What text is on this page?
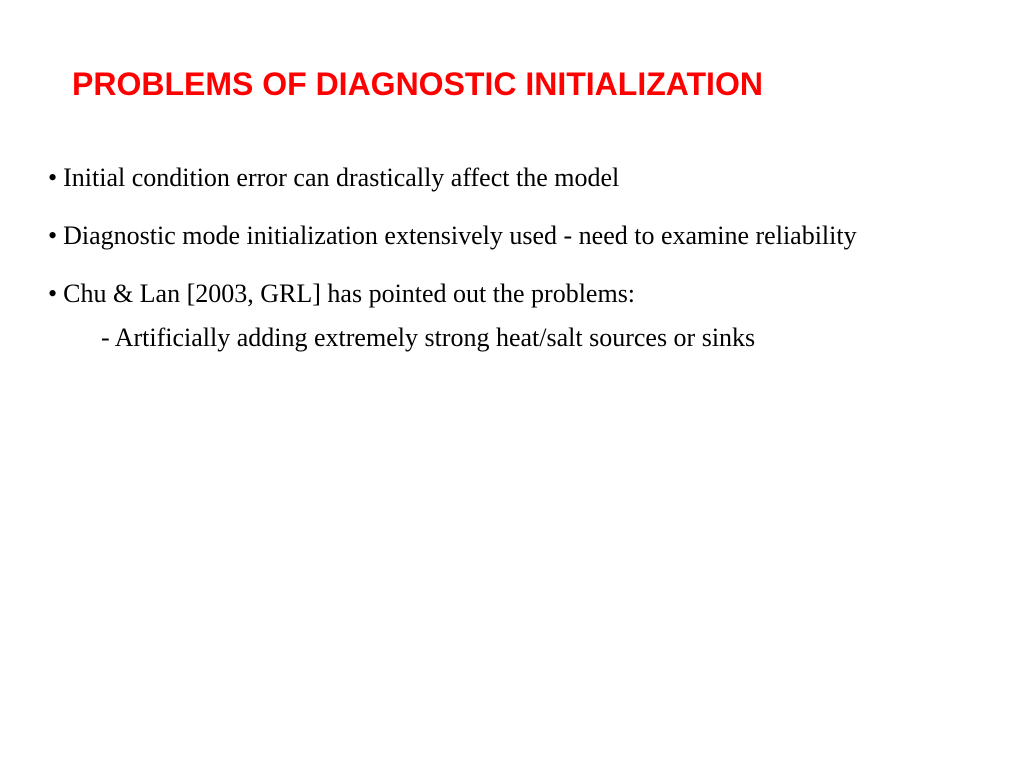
PROBLEMS OF DIAGNOSTIC INITIALIZATION

• Initial condition error can drastically affect the model

• Diagnostic mode initialization extensively used - need to examine reliability

• Chu & Lan [2003, GRL] has pointed out the problems:

- Artificially adding extremely strong heat/salt sources or sinks
